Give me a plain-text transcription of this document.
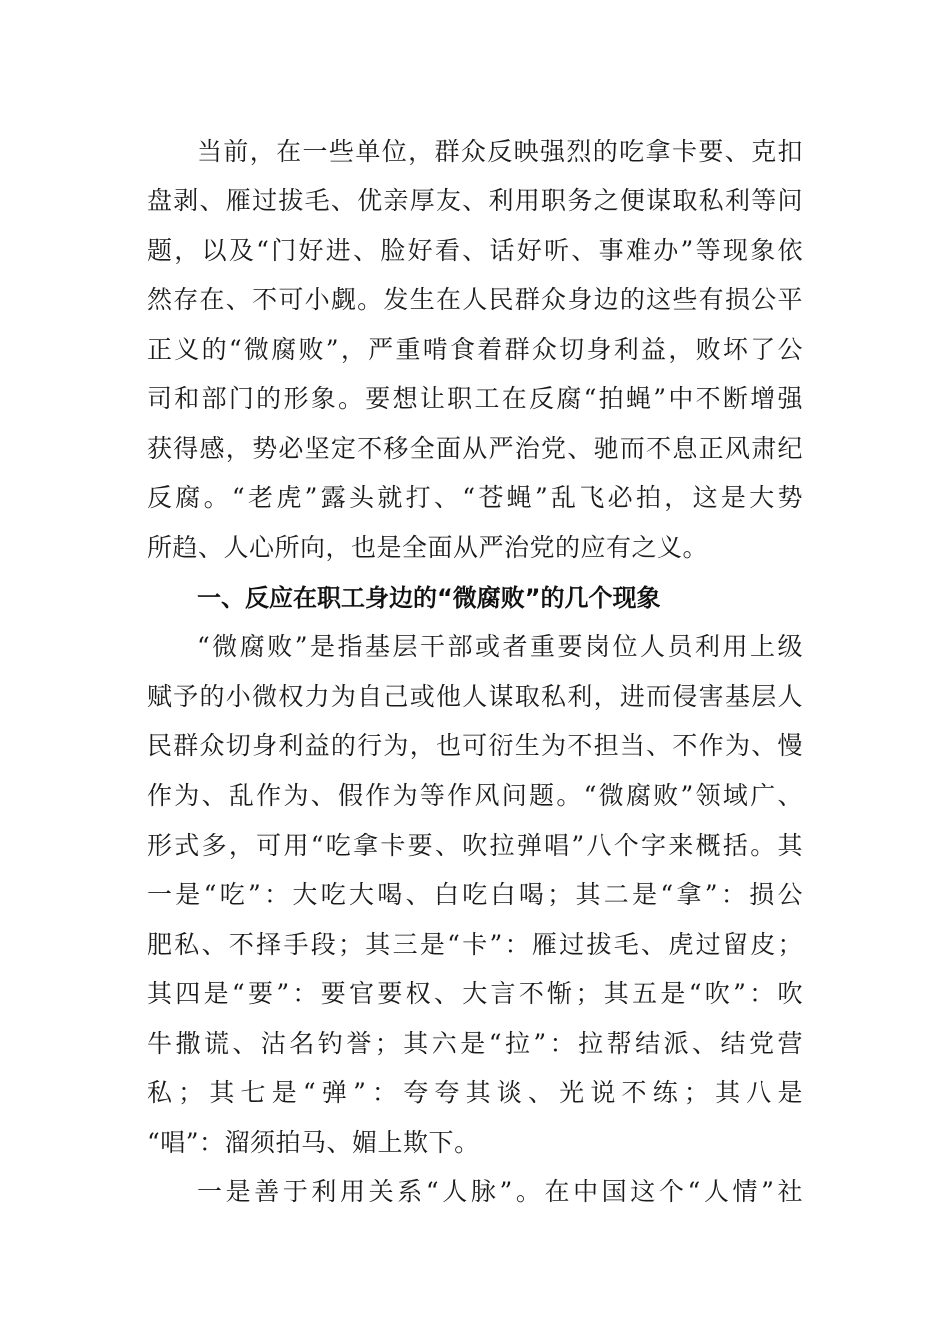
当前，在一些单位，群众反映强烈的吃拿卡要、克扣
盘剥、雁过拔毛、优亲厚友、利用职务之便谋取私利等问
题，以及“门好进、脸好看、话好听、事难办”等现象依
然存在、不可小觑。发生在人民群众身边的这些有损公平
正义的“微腐败”，严重啃食着群众切身利益，败坏了公
司和部门的形象。要想让职工在反腐“拍蝇”中不断增强
获得感，势必坚定不移全面从严治党、驰而不息正风肃纪
反腐。“老虎”露头就打、“苍蝇”乱飞必拍，这是大势
所趋、人心所向，也是全面从严治党的应有之义。
一、反应在职工身边的“微腐败”的几个现象
“微腐败”是指基层干部或者重要岗位人员利用上级
赋予的小微权力为自己或他人谋取私利，进而侵害基层人
民群众切身利益的行为，也可衍生为不担当、不作为、慢
作为、乱作为、假作为等作风问题。“微腐败”领域广、
形式多，可用“吃拿卡要、吹拉弹唱”八个字来概括。其
一是“吃”：大吃大喝、白吃白喝；其二是“拿”：损公
肥私、不择手段；其三是“卡”：雁过拔毛、虎过留皮；
其四是“要”：要官要权、大言不惭；其五是“吹”：吹
牛撒谎、沽名钓誉；其六是“拉”：拉帮结派、结党营
私；其七是“弹”：夸夸其谈、光说不练；其八是
“唱”：溜须拍马、媚上欺下。
一是善于利用关系“人脉”。在中国这个“人情”社
